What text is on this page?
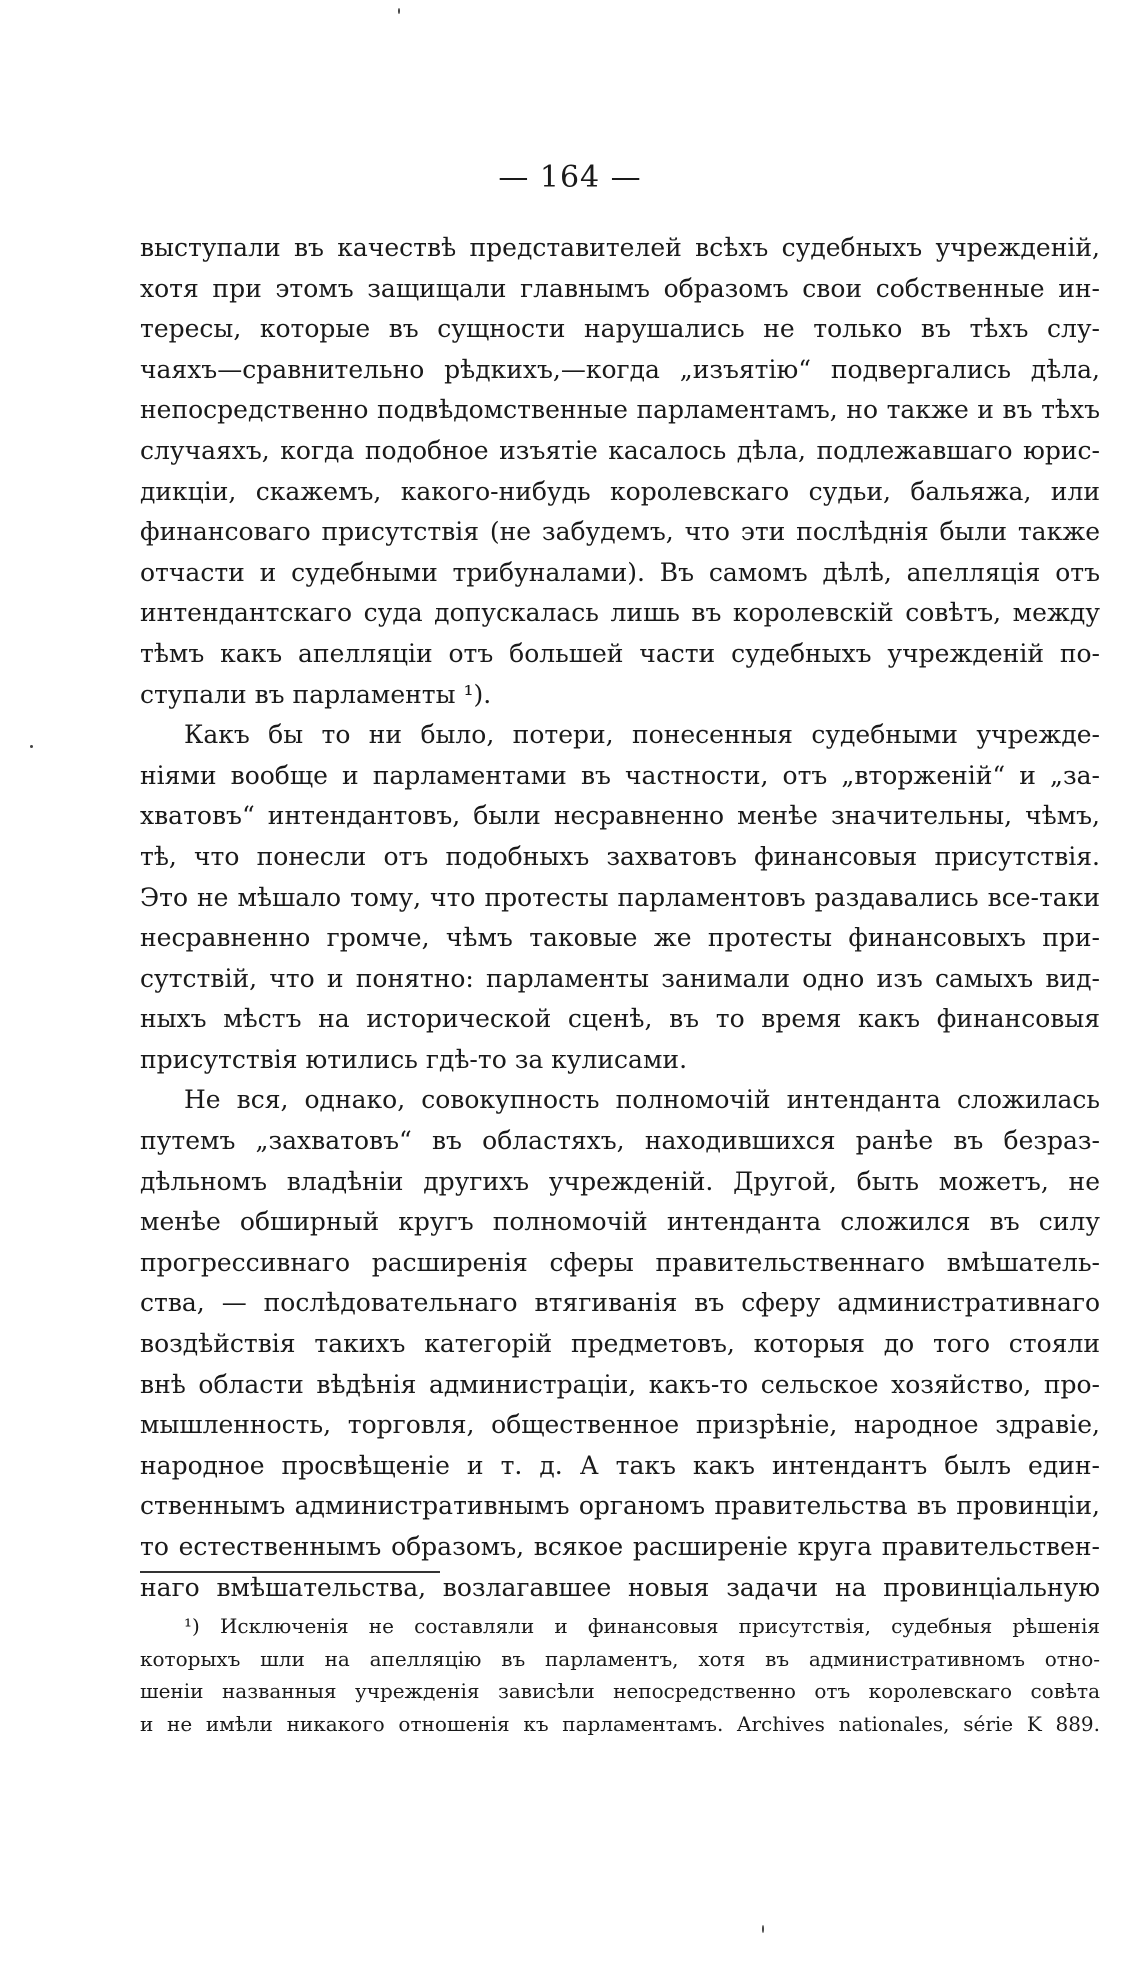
— 164 —

выступали въ качествѣ представителей всѣхъ судебныхъ учрежденій,
хотя при этомъ защищали главнымъ образомъ свои собственные ин-
тересы, которые въ сущности нарушались не только въ тѣхъ слу-
чаяхъ—сравнительно рѣдкихъ,—когда „изъятію“ подвергались дѣла,
непосредственно подвѣдомственные парламентамъ, но также и въ тѣхъ
случаяхъ, когда подобное изъятіе касалось дѣла, подлежавшаго юрис-
дикціи, скажемъ, какого-нибудь королевскаго судьи, бальяжа, или
финансоваго присутствія (не забудемъ, что эти послѣднія были также
отчасти и судебными трибуналами). Въ самомъ дѣлѣ, апелляція отъ
интендантскаго суда допускалась лишь въ королевскій совѣтъ, между
тѣмъ какъ апелляціи отъ большей части судебныхъ учрежденій по-
ступали въ парламенты ¹).

Какъ бы то ни было, потери, понесенныя судебными учрежде-
ніями вообще и парламентами въ частности, отъ „вторженій“ и „за-
хватовъ“ интендантовъ, были несравненно менѣе значительны, чѣмъ,
тѣ, что понесли отъ подобныхъ захватовъ финансовыя присутствія.
Это не мѣшало тому, что протесты парламентовъ раздавались все-таки
несравненно громче, чѣмъ таковые же протесты финансовыхъ при-
сутствій, что и понятно: парламенты занимали одно изъ самыхъ вид-
ныхъ мѣстъ на исторической сценѣ, въ то время какъ финансовыя
присутствія ютились гдѣ-то за кулисами.

Не вся, однако, совокупность полномочій интенданта сложилась
путемъ „захватовъ“ въ областяхъ, находившихся ранѣе въ безраз-
дѣльномъ владѣніи другихъ учрежденій. Другой, быть можетъ, не
менѣе обширный кругъ полномочій интенданта сложился въ силу
прогрессивнаго расширенія сферы правительственнаго вмѣшатель-
ства, — послѣдовательнаго втягиванія въ сферу административнаго
воздѣйствія такихъ категорій предметовъ, которыя до того стояли
внѣ области вѣдѣнія администраціи, какъ-то сельское хозяйство, про-
мышленность, торговля, общественное призрѣніе, народное здравіе,
народное просвѣщеніе и т. д. А такъ какъ интендантъ былъ един-
ственнымъ административнымъ органомъ правительства въ провинціи,
то естественнымъ образомъ, всякое расширеніе круга правительствен-
наго вмѣшательства, возлагавшее новыя задачи на провинціальную

¹) Исключенія не составляли и финансовыя присутствія, судебныя рѣшенія
которыхъ шли на апелляцію въ парламентъ, хотя въ административномъ отно-
шеніи названныя учрежденія зависѣли непосредственно отъ королевскаго совѣта
и не имѣли никакого отношенія къ парламентамъ. Archives nationales, série K 889.
